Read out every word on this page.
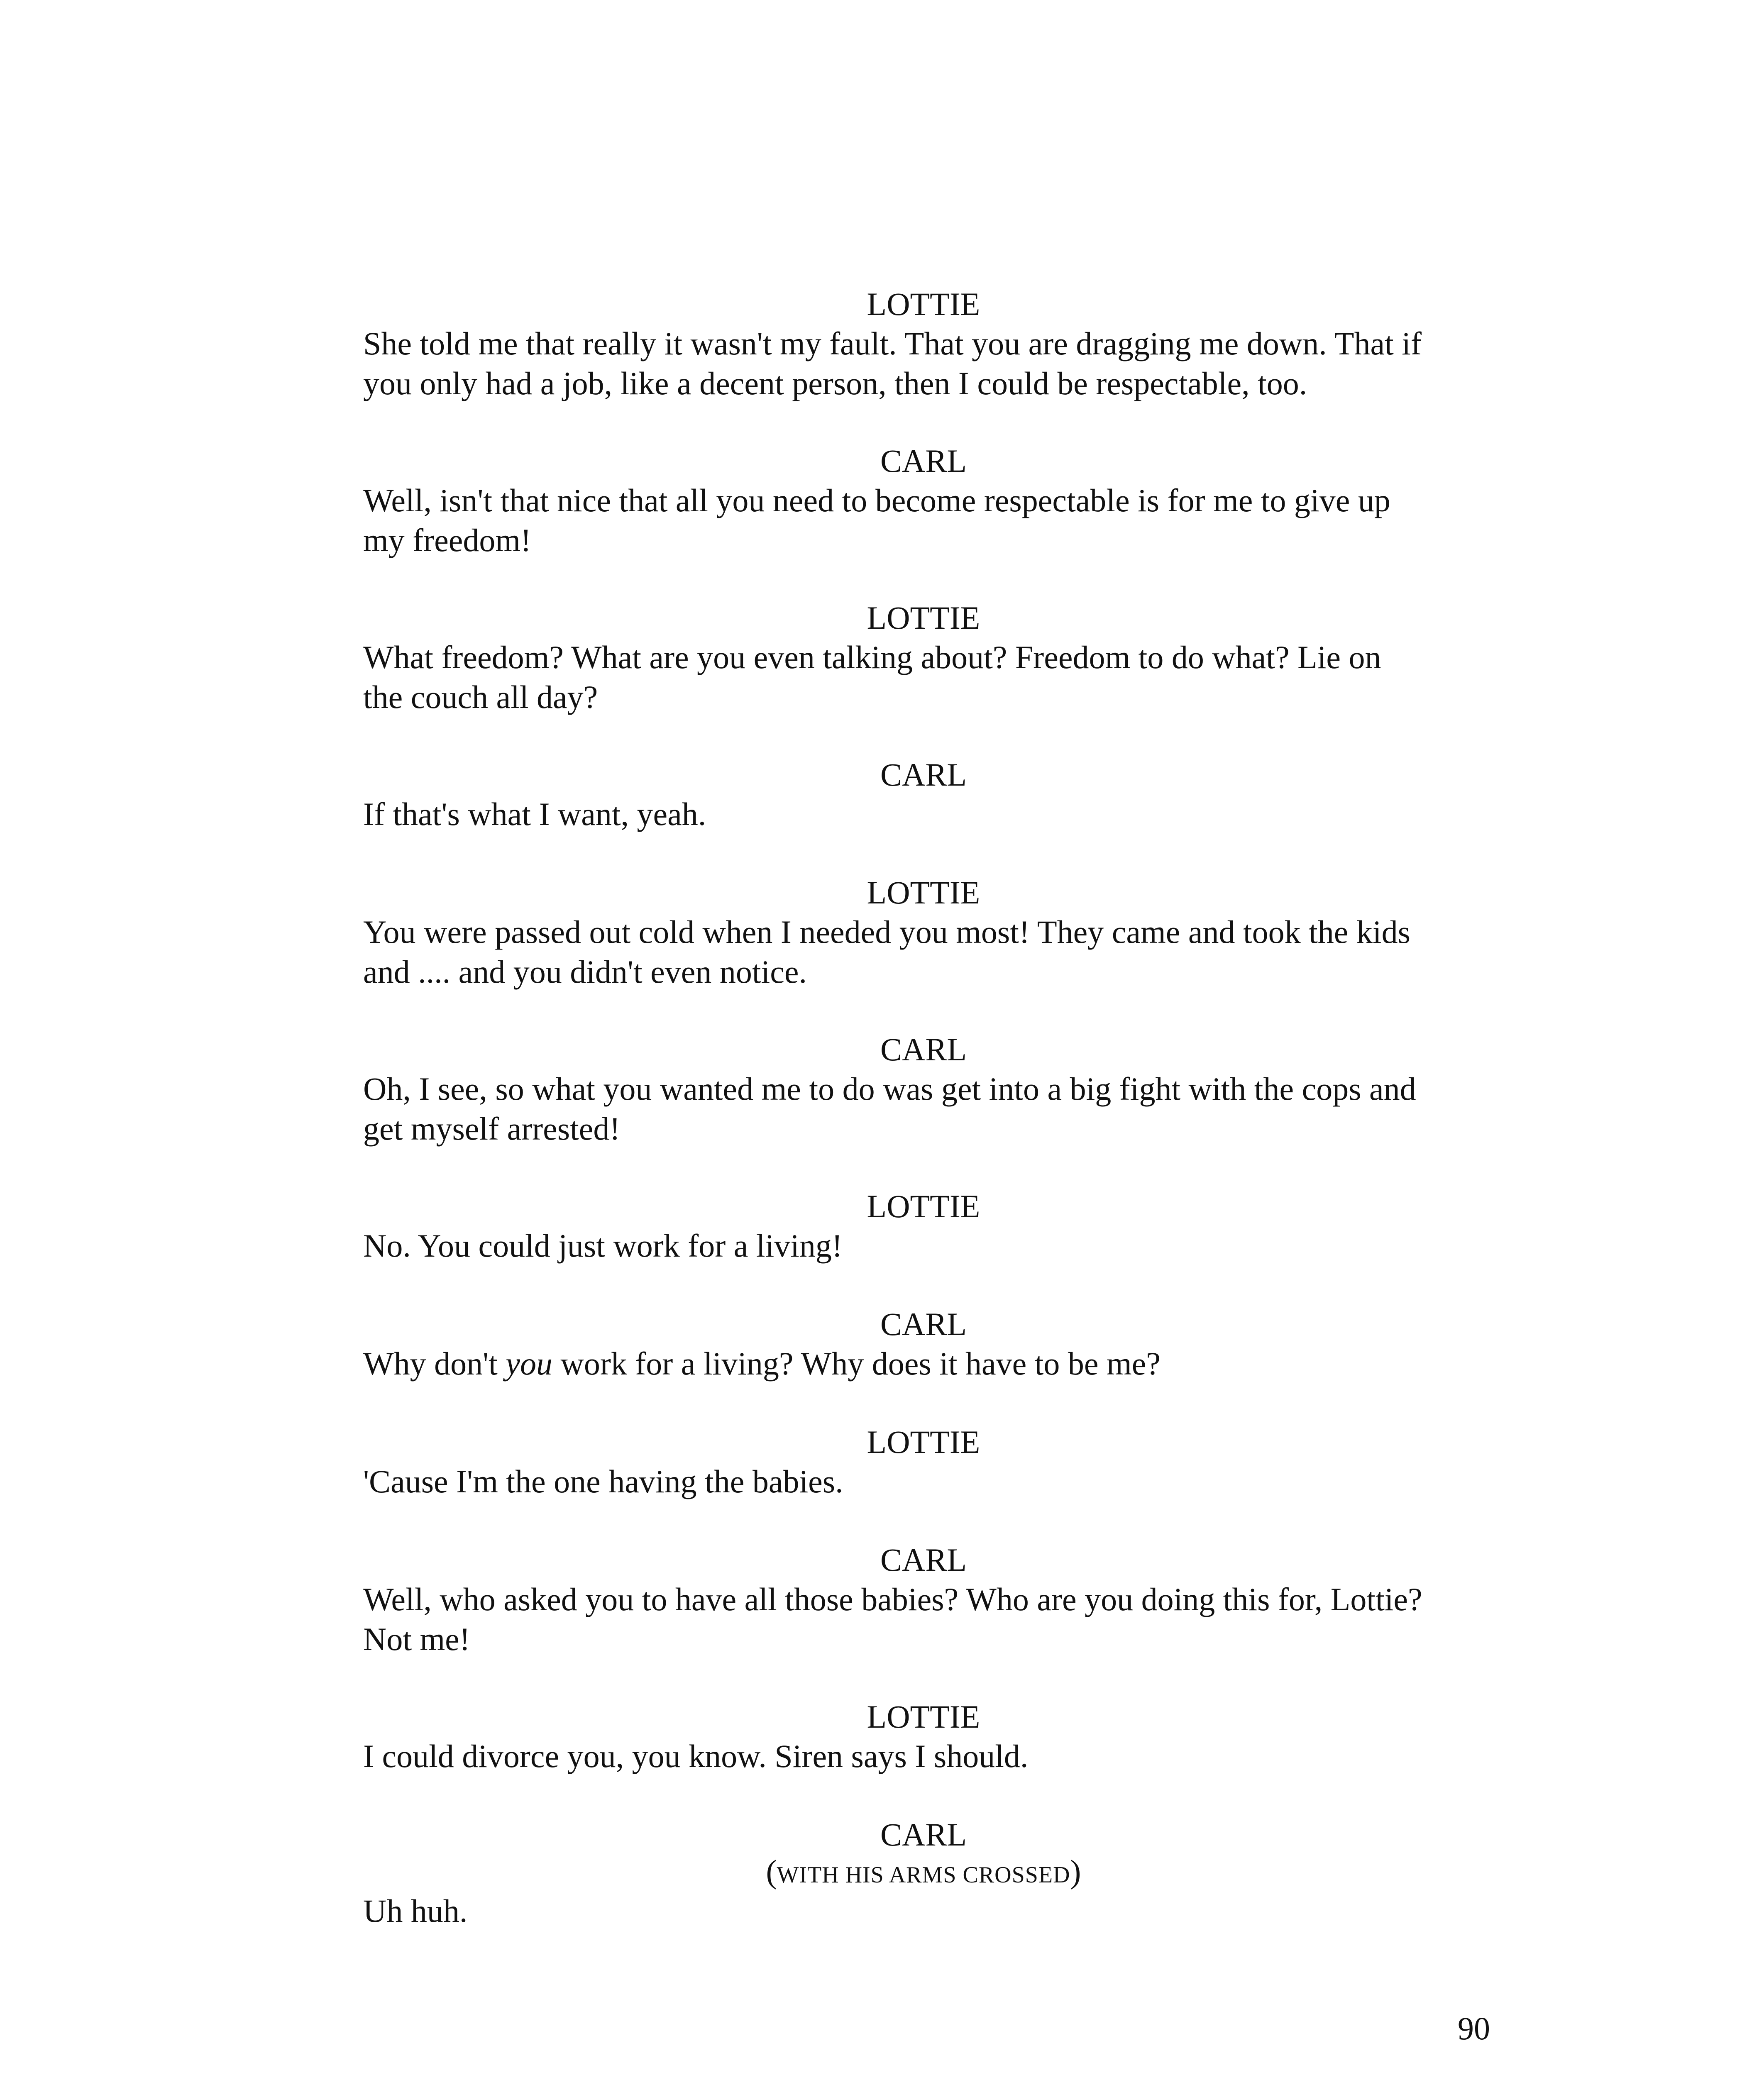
LOTTIE

She told me that really it wasn't my fault. That you are dragging me down. That if

you only had a job, like a decent person, then I could be respectable, too.

CARL

Well, isn't that nice that all you need to become respectable is for me to give up

my freedom!

LOTTIE

What freedom? What are you even talking about? Freedom to do what? Lie on

the couch all day?

CARL

If that's what I want, yeah.

LOTTIE

You were passed out cold when I needed you most! They came and took the kids

and .... and you didn't even notice.

CARL

Oh, I see, so what you wanted me to do was get into a big fight with the cops and

get myself arrested!

LOTTIE

No. You could just work for a living!

CARL

Why don't you work for a living? Why does it have to be me?

LOTTIE

'Cause I'm the one having the babies.

CARL

Well, who asked you to have all those babies? Who are you doing this for, Lottie?

Not me!

LOTTIE

I could divorce you, you know. Siren says I should.

CARL
(WITH HIS ARMS CROSSED)

Uh huh.

90
